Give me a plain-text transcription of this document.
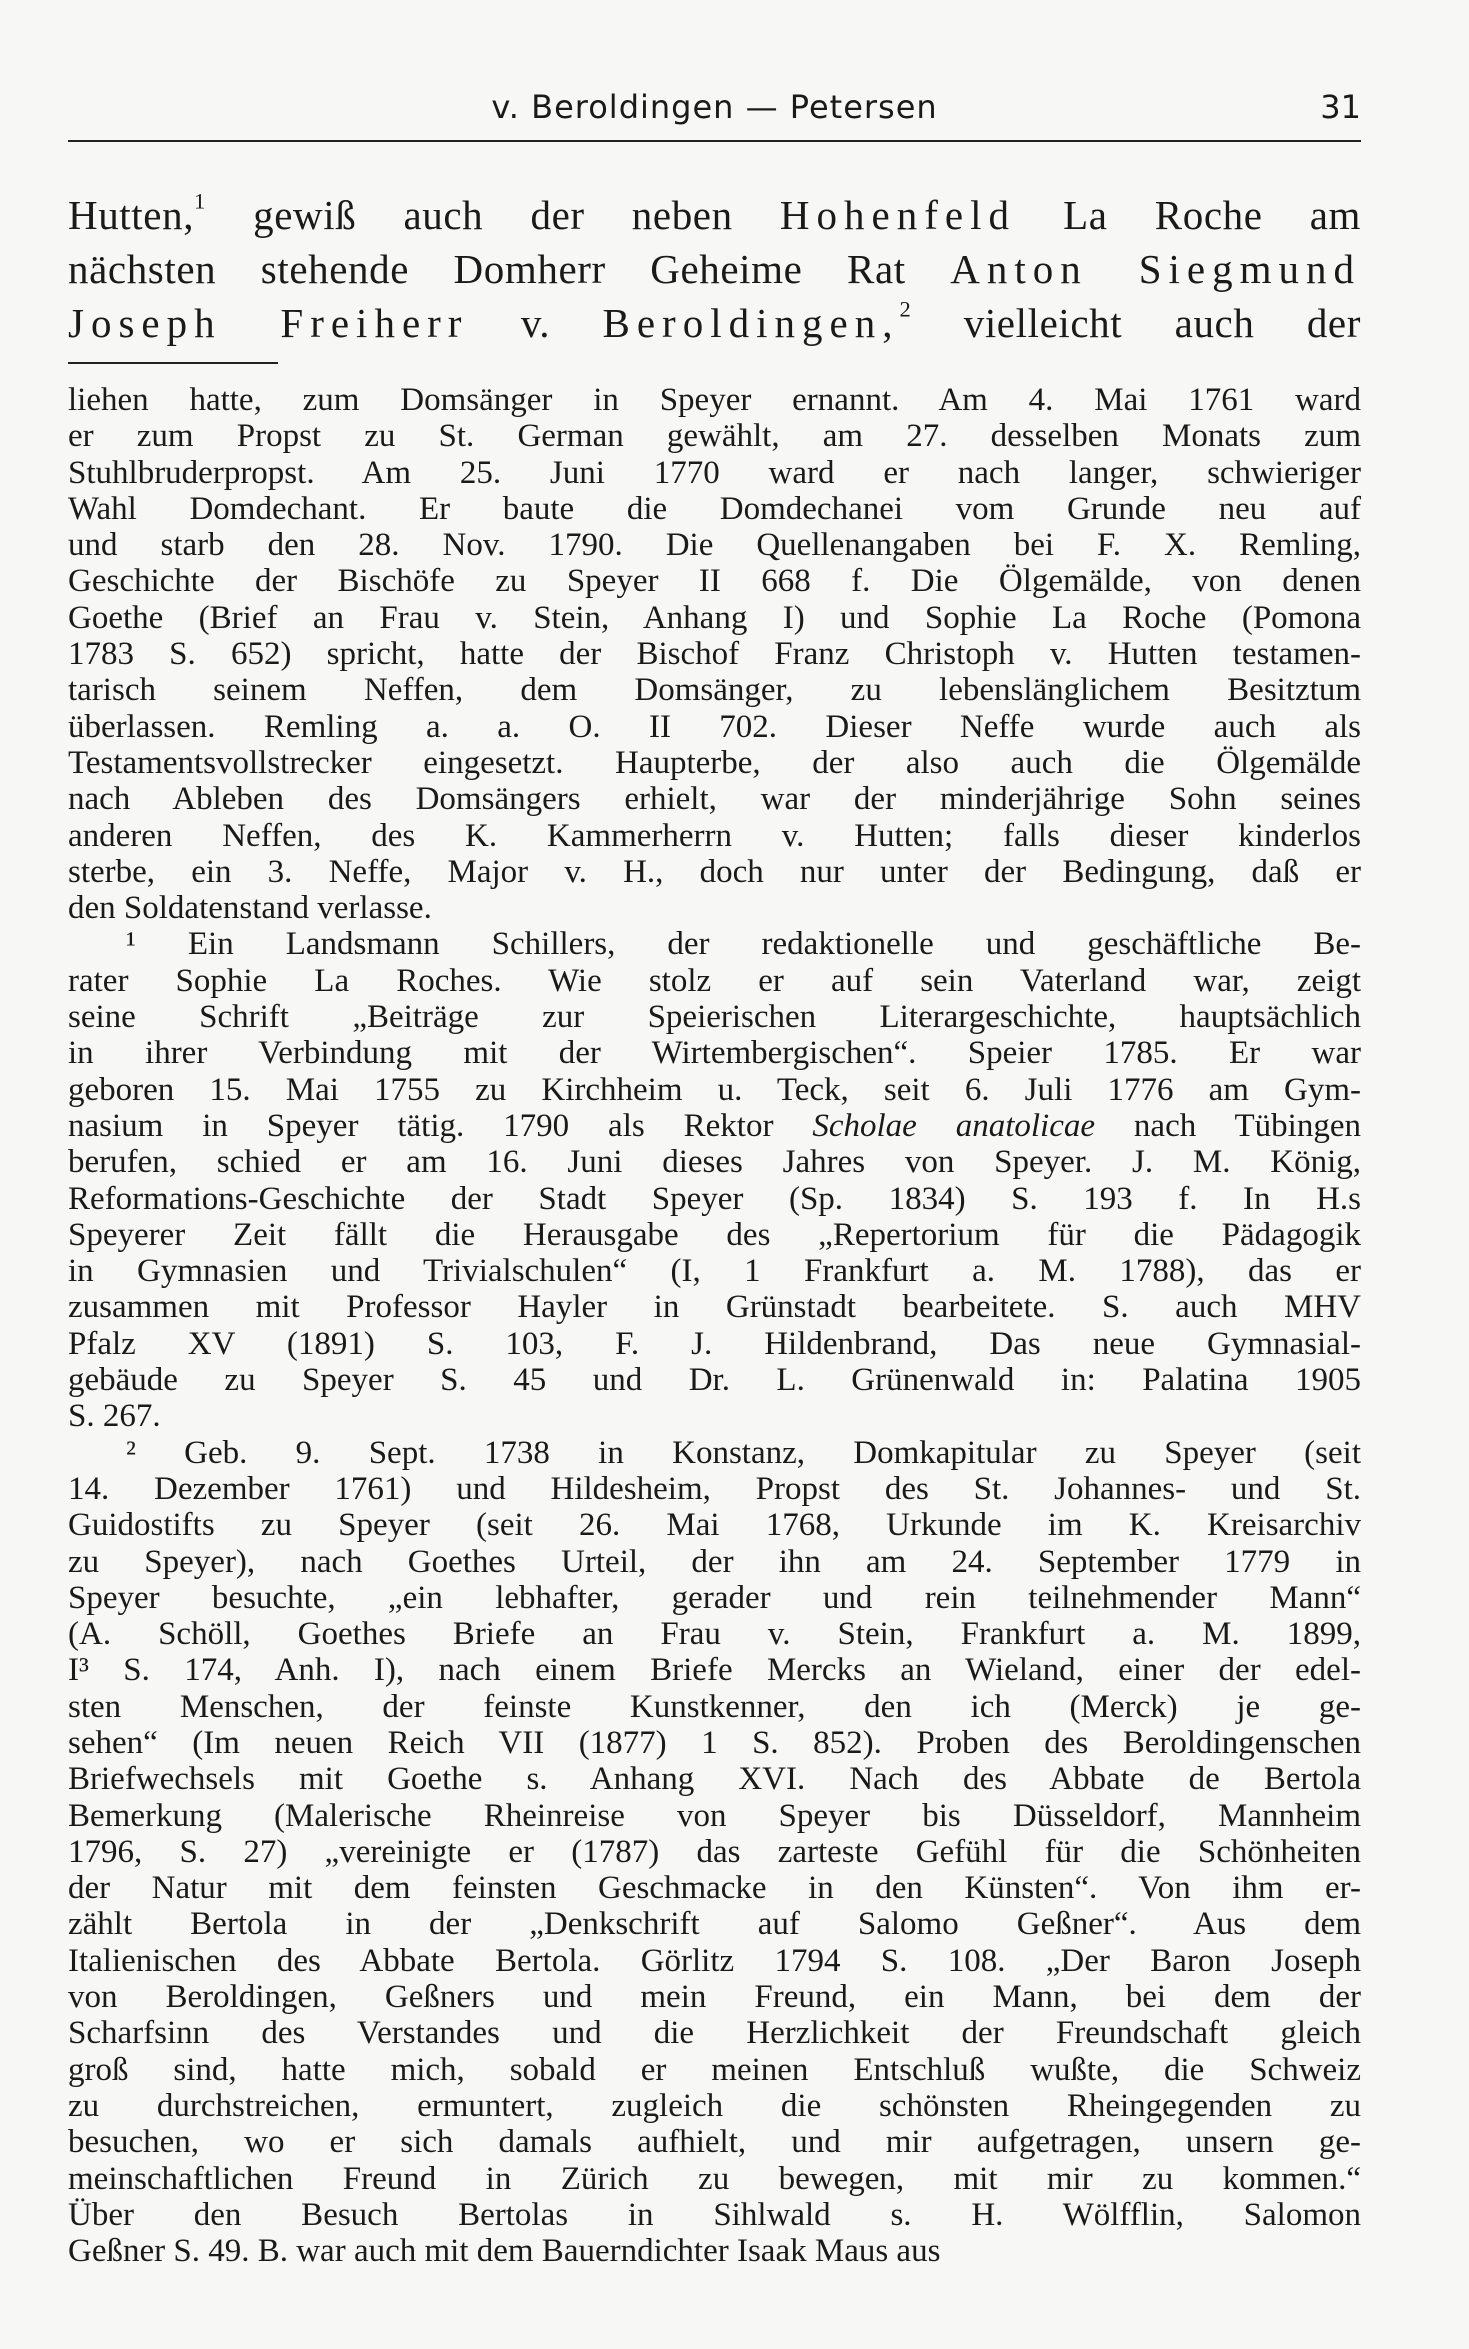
v. Beroldingen — Petersen	31
Hutten,$^1$ gewiß auch der neben Hohenfeld La Roche am
nächsten stehende Domherr Geheime Rat Anton Siegmund
Joseph Freiherr v. Beroldingen,$^2$ vielleicht auch der
liehen hatte, zum Domsänger in Speyer ernannt. Am 4. Mai 1761 ward
er zum Propst zu St. German gewählt, am 27. desselben Monats zum
Stuhlbruderpropst. Am 25. Juni 1770 ward er nach langer, schwieriger
Wahl Domdechant. Er baute die Domdechanei vom Grunde neu auf
und starb den 28. Nov. 1790. Die Quellenangaben bei F. X. Remling,
Geschichte der Bischöfe zu Speyer II 668 f. Die Ölgemälde, von denen
Goethe (Brief an Frau v. Stein, Anhang I) und Sophie La Roche (Pomona
1783 S. 652) spricht, hatte der Bischof Franz Christoph v. Hutten testamen-
tarisch seinem Neffen, dem Domsänger, zu lebenslänglichem Besitztum
überlassen. Remling a. a. O. II 702. Dieser Neffe wurde auch als
Testamentsvollstrecker eingesetzt. Haupterbe, der also auch die Ölgemälde
nach Ableben des Domsängers erhielt, war der minderjährige Sohn seines
anderen Neffen, des K. Kammerherrn v. Hutten; falls dieser kinderlos
sterbe, ein 3. Neffe, Major v. H., doch nur unter der Bedingung, daß er
den Soldatenstand verlasse.
¹ Ein Landsmann Schillers, der redaktionelle und geschäftliche Be-
rater Sophie La Roches. Wie stolz er auf sein Vaterland war, zeigt
seine Schrift „Beiträge zur Speierischen Literargeschichte, hauptsächlich
in ihrer Verbindung mit der Wirtembergischen“. Speier 1785. Er war
geboren 15. Mai 1755 zu Kirchheim u. Teck, seit 6. Juli 1776 am Gym-
nasium in Speyer tätig. 1790 als Rektor Scholae anatolicae nach Tübingen
berufen, schied er am 16. Juni dieses Jahres von Speyer. J. M. König,
Reformations-Geschichte der Stadt Speyer (Sp. 1834) S. 193 f. In H.s
Speyerer Zeit fällt die Herausgabe des „Repertorium für die Pädagogik
in Gymnasien und Trivialschulen“ (I, 1 Frankfurt a. M. 1788), das er
zusammen mit Professor Hayler in Grünstadt bearbeitete. S. auch MHV
Pfalz XV (1891) S. 103, F. J. Hildenbrand, Das neue Gymnasial-
gebäude zu Speyer S. 45 und Dr. L. Grünenwald in: Palatina 1905
S. 267.
² Geb. 9. Sept. 1738 in Konstanz, Domkapitular zu Speyer (seit
14. Dezember 1761) und Hildesheim, Propst des St. Johannes- und St.
Guidostifts zu Speyer (seit 26. Mai 1768, Urkunde im K. Kreisarchiv
zu Speyer), nach Goethes Urteil, der ihn am 24. September 1779 in
Speyer besuchte, „ein lebhafter, gerader und rein teilnehmender Mann“
(A. Schöll, Goethes Briefe an Frau v. Stein, Frankfurt a. M. 1899,
I³ S. 174, Anh. I), nach einem Briefe Mercks an Wieland, einer der edel-
sten Menschen, der feinste Kunstkenner, den ich (Merck) je ge-
sehen“ (Im neuen Reich VII (1877) 1 S. 852). Proben des Beroldingenschen
Briefwechsels mit Goethe s. Anhang XVI. Nach des Abbate de Bertola
Bemerkung (Malerische Rheinreise von Speyer bis Düsseldorf, Mannheim
1796, S. 27) „vereinigte er (1787) das zarteste Gefühl für die Schönheiten
der Natur mit dem feinsten Geschmacke in den Künsten“. Von ihm er-
zählt Bertola in der „Denkschrift auf Salomo Geßner“. Aus dem
Italienischen des Abbate Bertola. Görlitz 1794 S. 108. „Der Baron Joseph
von Beroldingen, Geßners und mein Freund, ein Mann, bei dem der
Scharfsinn des Verstandes und die Herzlichkeit der Freundschaft gleich
groß sind, hatte mich, sobald er meinen Entschluß wußte, die Schweiz
zu durchstreichen, ermuntert, zugleich die schönsten Rheingegenden zu
besuchen, wo er sich damals aufhielt, und mir aufgetragen, unsern ge-
meinschaftlichen Freund in Zürich zu bewegen, mit mir zu kommen.“
Über den Besuch Bertolas in Sihlwald s. H. Wölfflin, Salomon
Geßner S. 49. B. war auch mit dem Bauerndichter Isaak Maus aus
